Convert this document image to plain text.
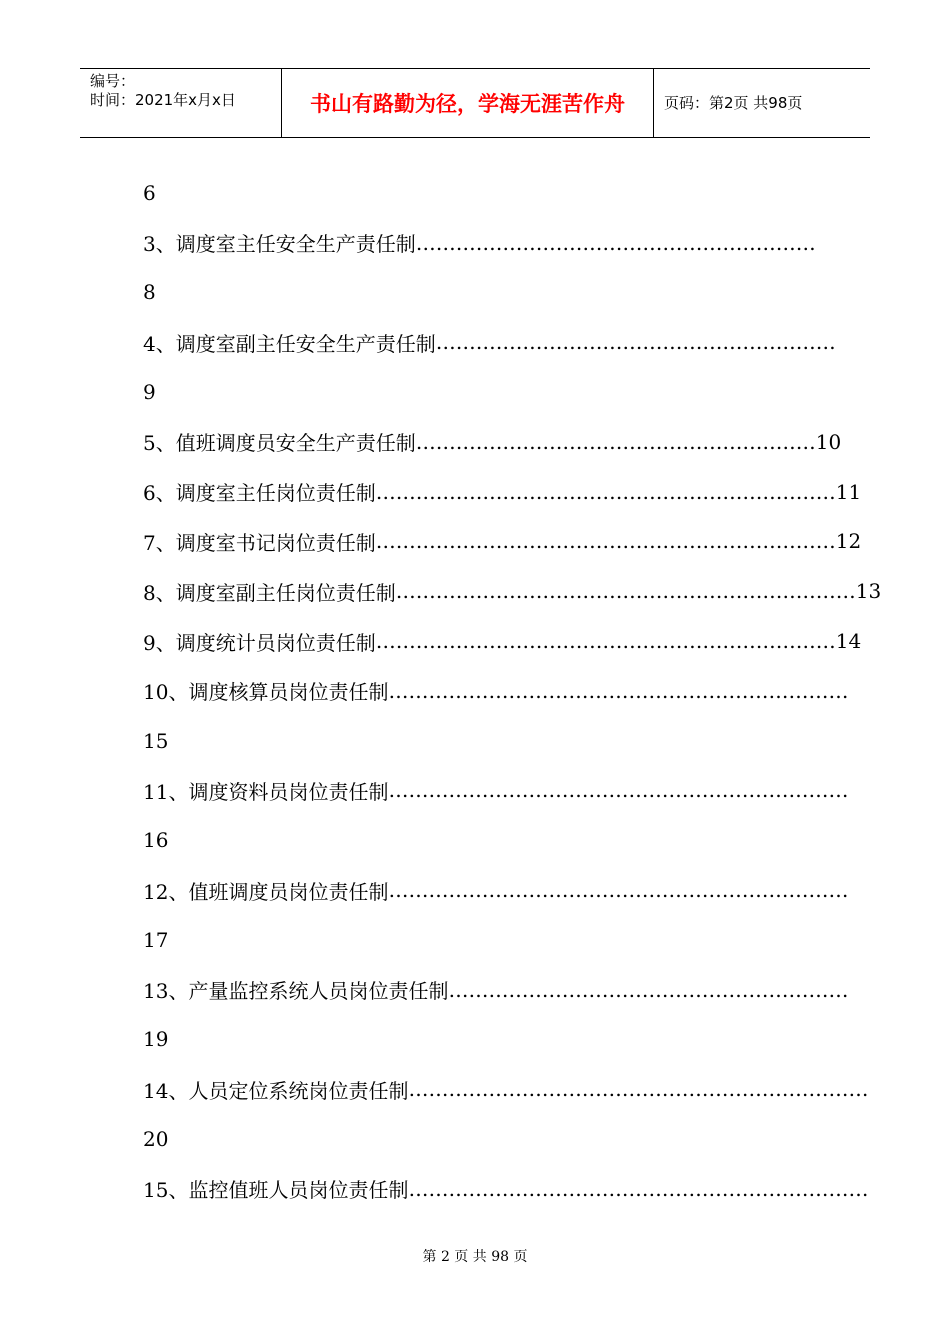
编号：
时间：2021年x月x日	书山有路勤为径，学海无涯苦作舟	页码：第2页 共98页
6
3、调度室主任安全生产责任制 ……………………………………………………
8
4、调度室副主任安全生产责任制 ……………………………………………………
9
5、值班调度员安全生产责任制 …………………………………………………… 10
6、调度室主任岗位责任制 …………………………………………………………… 11
7、调度室书记岗位责任制 …………………………………………………………… 12
8、调度室副主任岗位责任制 …………………………………………………………… 13
9、调度统计员岗位责任制 …………………………………………………………… 14
10、调度核算员岗位责任制 ……………………………………………………………
15
11、调度资料员岗位责任制 ……………………………………………………………
16
12、值班调度员岗位责任制 ……………………………………………………………
17
13、产量监控系统人员岗位责任制 ……………………………………………………
19
14、人员定位系统岗位责任制 ……………………………………………………………
20
15、监控值班人员岗位责任制 ……………………………………………………………
第 2 页 共 98 页
